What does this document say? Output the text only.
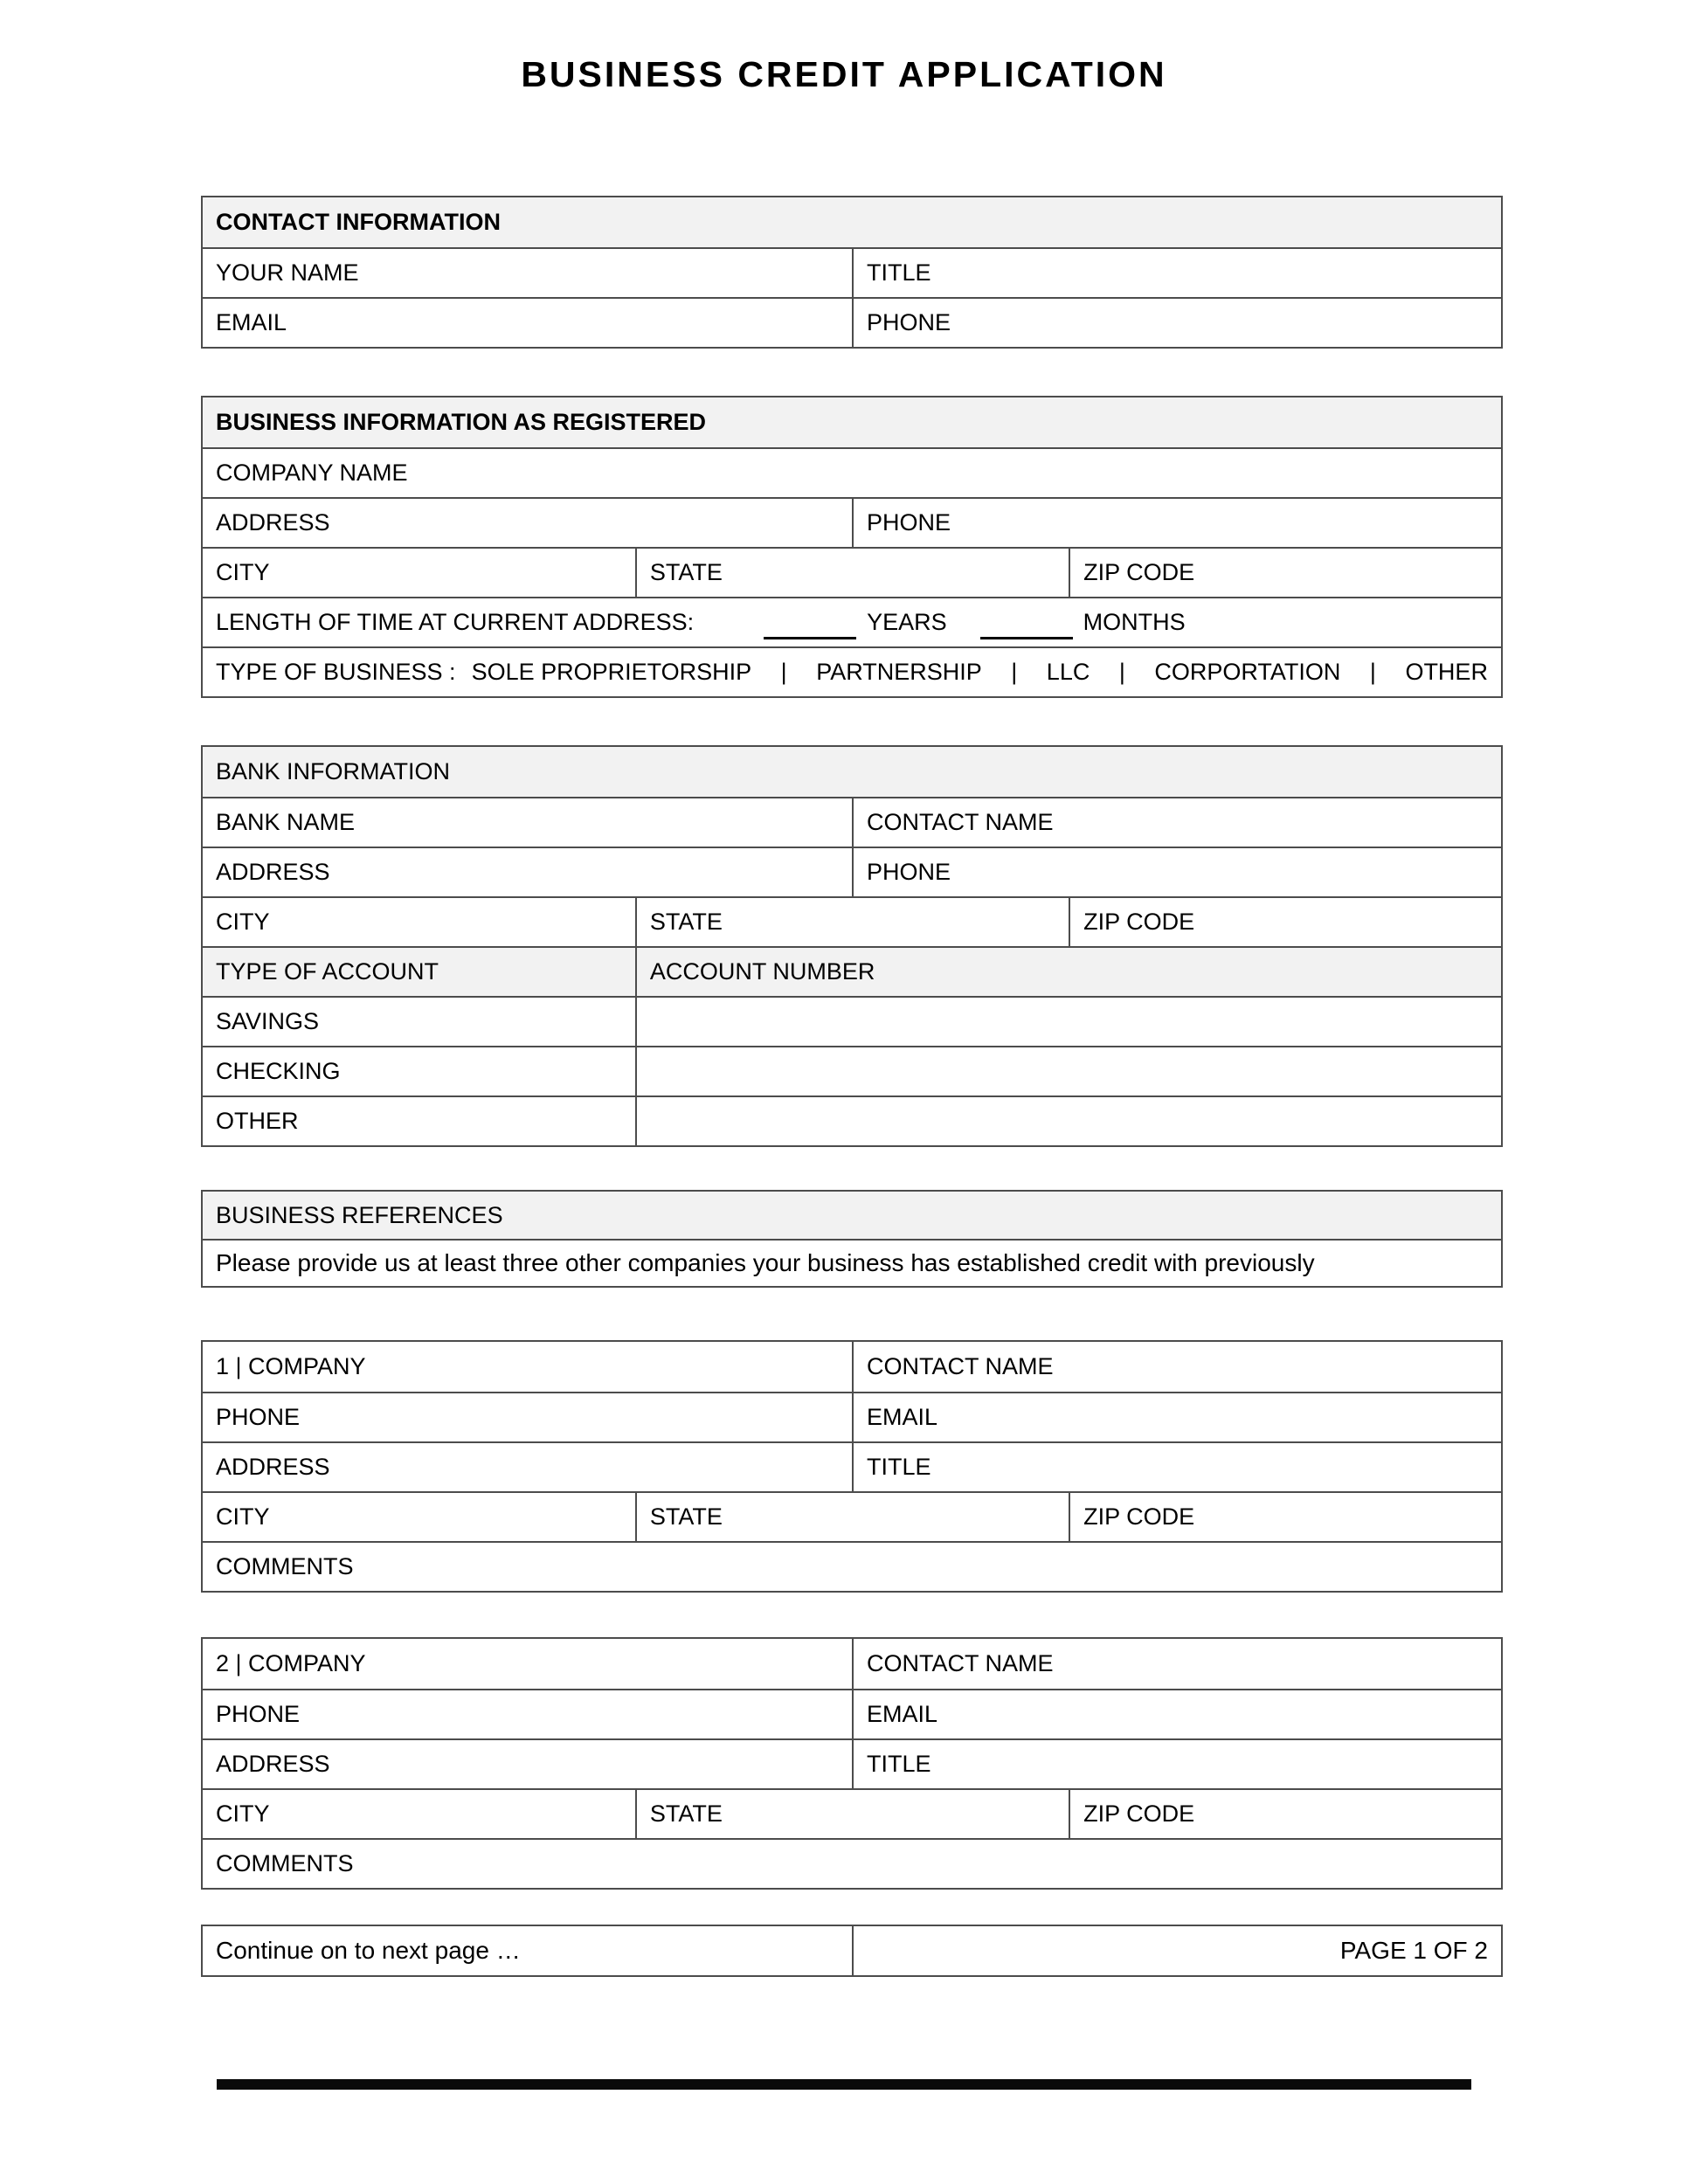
BUSINESS CREDIT APPLICATION
CONTACT INFORMATION
YOUR NAME	TITLE
EMAIL	PHONE
BUSINESS INFORMATION AS REGISTERED
COMPANY NAME
ADDRESS	PHONE
CITY	STATE	ZIP CODE
LENGTH OF TIME AT CURRENT ADDRESS:	YEARS	MONTHS
TYPE OF BUSINESS : SOLE PROPRIETORSHIP | PARTNERSHIP | LLC | CORPORTATION | OTHER
BANK INFORMATION
BANK NAME	CONTACT NAME
ADDRESS	PHONE
CITY	STATE	ZIP CODE
TYPE OF ACCOUNT	ACCOUNT NUMBER
SAVINGS
CHECKING
OTHER
BUSINESS REFERENCES
Please provide us at least three other companies your business has established credit with previously
1 | COMPANY	CONTACT NAME
PHONE	EMAIL
ADDRESS	TITLE
CITY	STATE	ZIP CODE
COMMENTS
2 | COMPANY	CONTACT NAME
PHONE	EMAIL
ADDRESS	TITLE
CITY	STATE	ZIP CODE
COMMENTS
Continue on to next page …	PAGE 1 OF 2
